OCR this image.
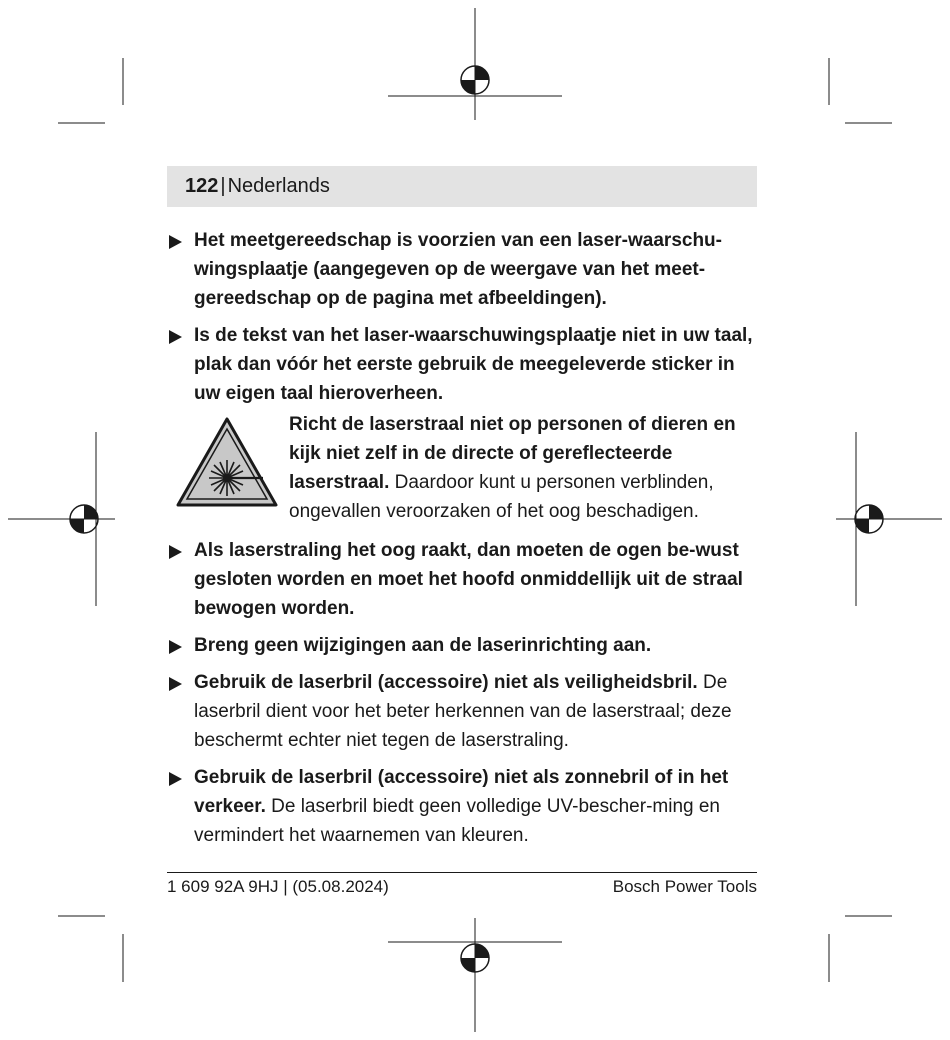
122 | Nederlands
Het meetgereedschap is voorzien van een laser-waarschu-wingsplaatje (aangegeven op de weergave van het meet-gereedschap op de pagina met afbeeldingen).
Is de tekst van het laser-waarschuwingsplaatje niet in uw taal, plak dan vóór het eerste gebruik de meegeleverde sticker in uw eigen taal hieroverheen.
Richt de laserstraal niet op personen of dieren en kijk niet zelf in de directe of gereflecteerde laserstraal. Daardoor kunt u personen verblinden, ongevallen veroorzaken of het oog beschadigen.
Als laserstraling het oog raakt, dan moeten de ogen be-wust gesloten worden en moet het hoofd onmiddellijk uit de straal bewogen worden.
Breng geen wijzigingen aan de laserinrichting aan.
Gebruik de laserbril (accessoire) niet als veiligheidsbril. De laserbril dient voor het beter herkennen van de laserstraal; deze beschermt echter niet tegen de laserstraling.
Gebruik de laserbril (accessoire) niet als zonnebril of in het verkeer. De laserbril biedt geen volledige UV-bescher-ming en vermindert het waarnemen van kleuren.
1 609 92A 9HJ | (05.08.2024)	Bosch Power Tools
